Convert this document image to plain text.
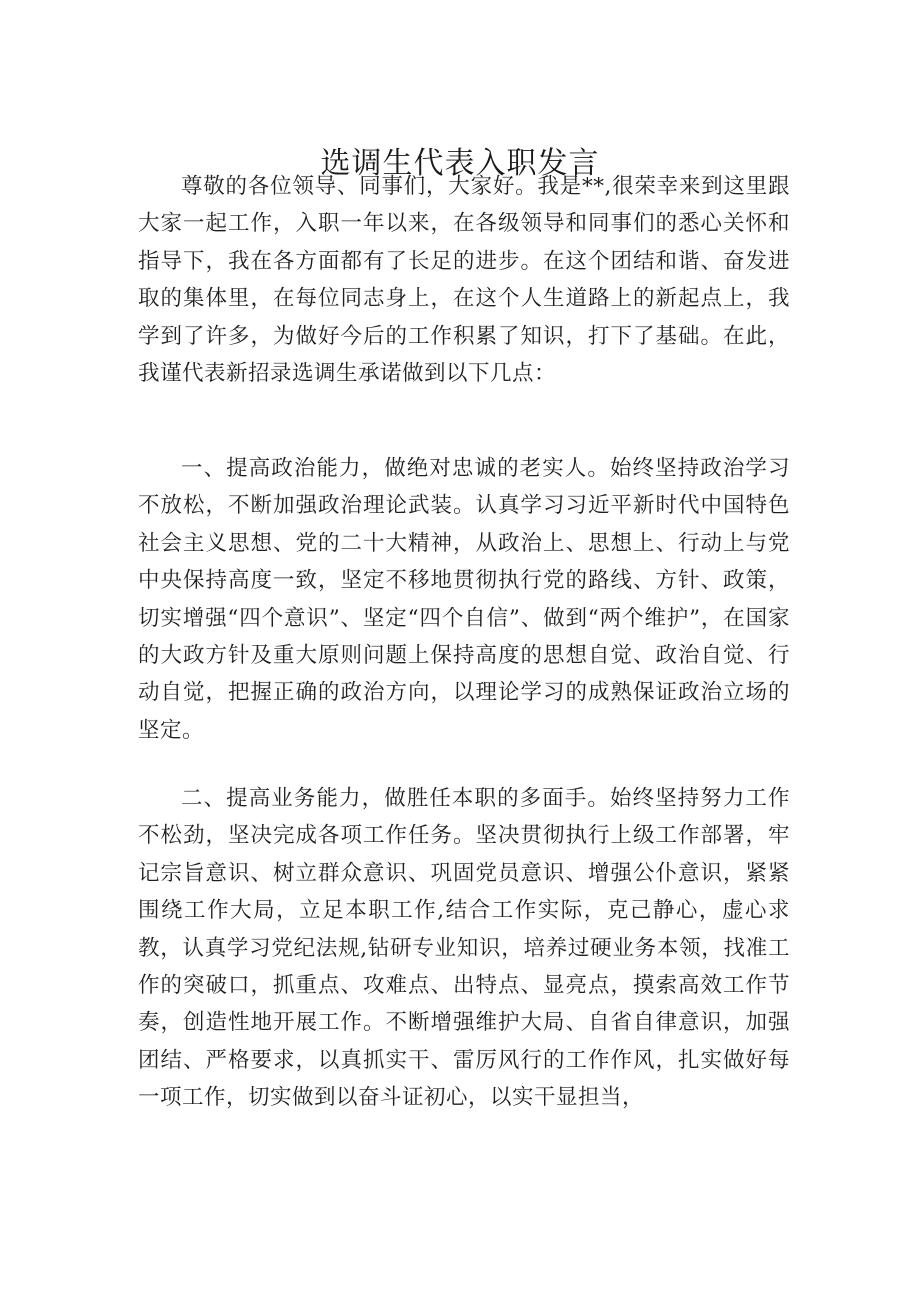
选调生代表入职发言

尊敬的各位领导、同事们，大家好。我是**,很荣幸来到这里跟大家一起工作，入职一年以来，在各级领导和同事们的悉心关怀和指导下，我在各方面都有了长足的进步。在这个团结和谐、奋发进取的集体里，在每位同志身上，在这个人生道路上的新起点上，我学到了许多，为做好今后的工作积累了知识，打下了基础。在此，我谨代表新招录选调生承诺做到以下几点：

一、提高政治能力，做绝对忠诚的老实人。始终坚持政治学习不放松，不断加强政治理论武装。认真学习习近平新时代中国特色社会主义思想、党的二十大精神，从政治上、思想上、行动上与党中央保持高度一致，坚定不移地贯彻执行党的路线、方针、政策，切实增强“四个意识”、坚定“四个自信”、做到“两个维护”，在国家的大政方针及重大原则问题上保持高度的思想自觉、政治自觉、行动自觉，把握正确的政治方向，以理论学习的成熟保证政治立场的坚定。

二、提高业务能力，做胜任本职的多面手。始终坚持努力工作不松劲，坚决完成各项工作任务。坚决贯彻执行上级工作部署，牢记宗旨意识、树立群众意识、巩固党员意识、增强公仆意识，紧紧围绕工作大局，立足本职工作,结合工作实际，克己静心，虚心求教，认真学习党纪法规,钻研专业知识，培养过硬业务本领，找准工作的突破口，抓重点、攻难点、出特点、显亮点，摸索高效工作节奏，创造性地开展工作。不断增强维护大局、自省自律意识，加强团结、严格要求，以真抓实干、雷厉风行的工作作风，扎实做好每一项工作，切实做到以奋斗证初心，以实干显担当，
